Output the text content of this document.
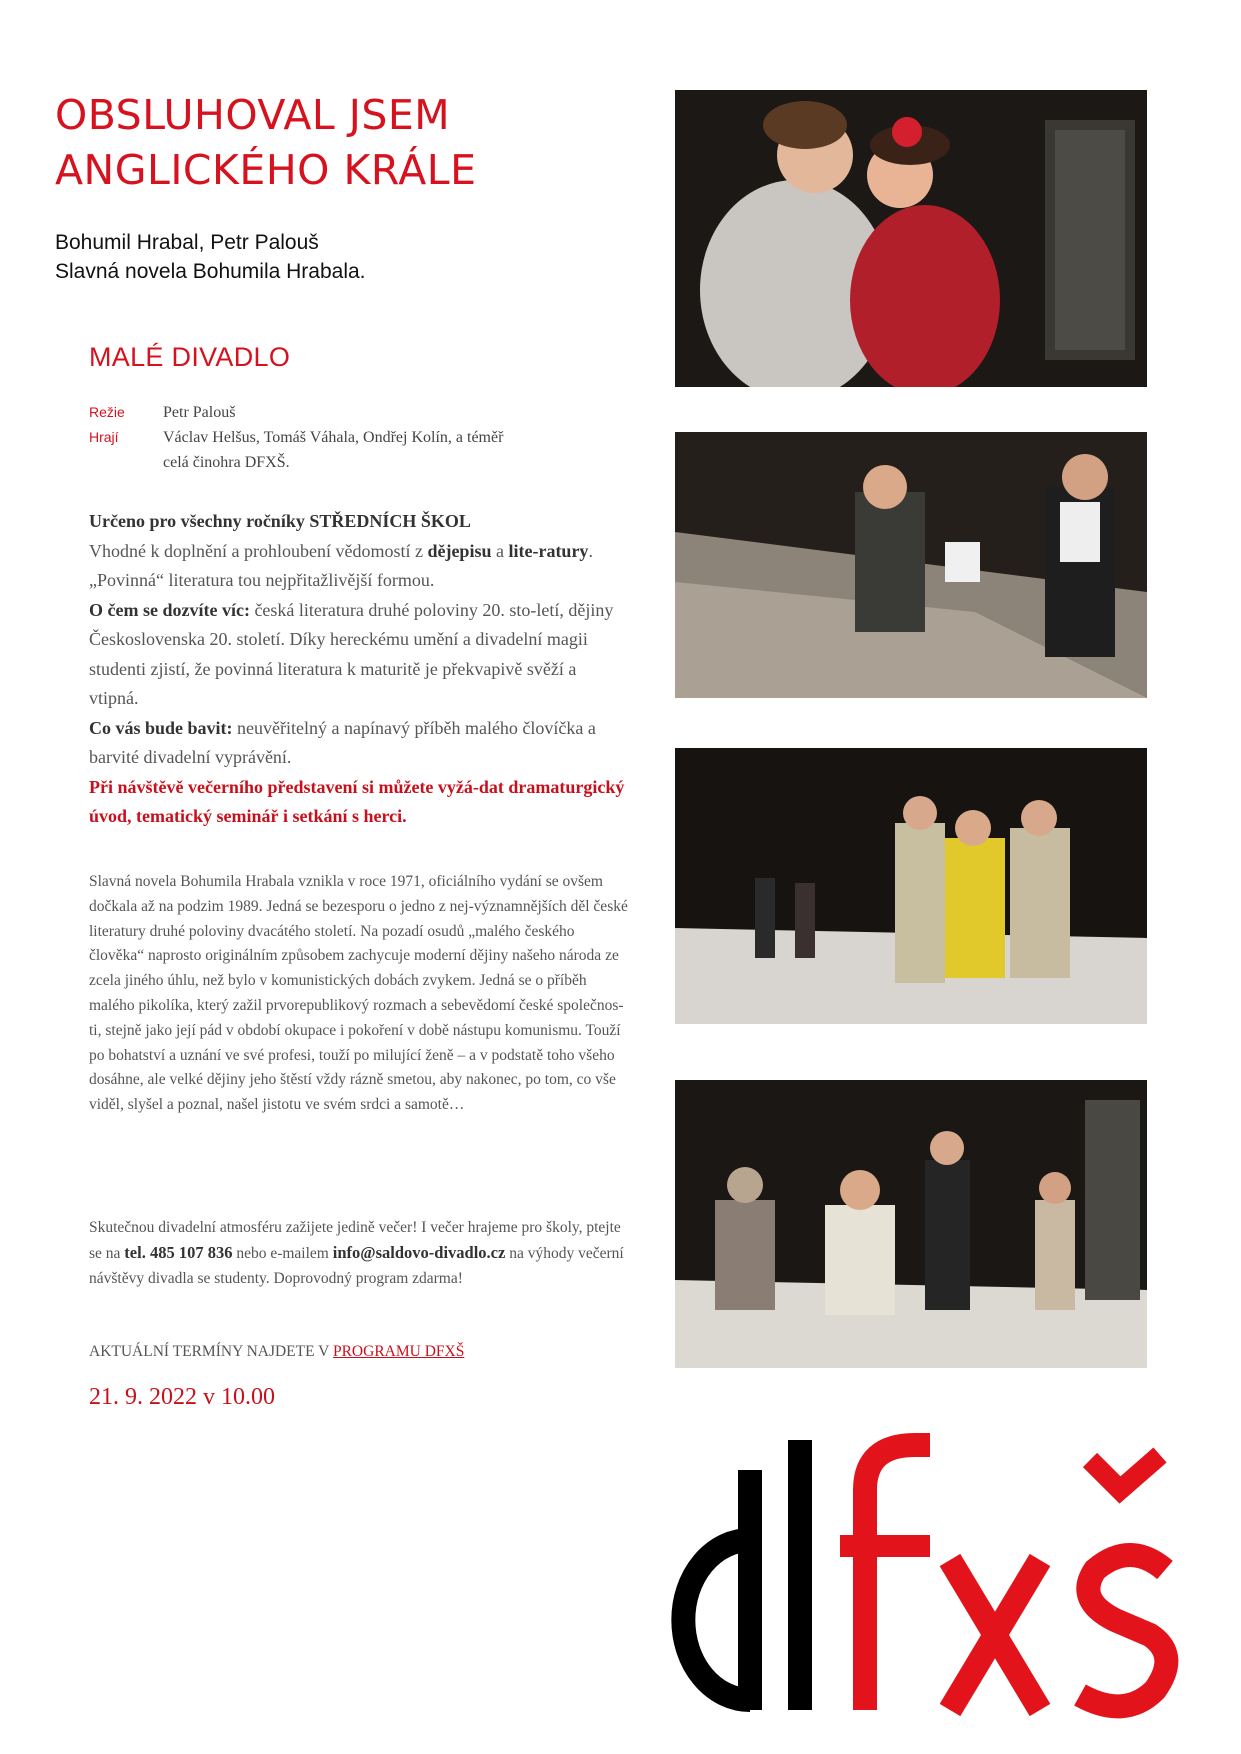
OBSLUHOVAL JSEM
ANGLICKÉHO KRÁLE
Bohumil Hrabal, Petr Palouš
Slavná novela Bohumila Hrabala.
MALÉ DIVADLO
Režie	Petr Palouš
Hrají	Václav Helšus, Tomáš Váhala, Ondřej Kolín, a téměř celá činohra DFXŠ.
Určeno pro všechny ročníky STŘEDNÍCH ŠKOL
Vhodné k doplnění a prohloubení vědomostí z dějepisu a lite-ratury. „Povinná“ literatura tou nejpřitažlivější formou.
O čem se dozvíte víc: česká literatura druhé poloviny 20. sto-letí, dějiny Československa 20. století. Díky hereckému umění a divadelní magii studenti zjistí, že povinná literatura k maturitě je překvapivě svěží a vtipná.
Co vás bude bavit: neuvěřitelný a napínavý příběh malého človíčka a barvité divadelní vyprávění.
Při návštěvě večerního představení si můžete vyžá-dat dramaturgický úvod, tematický seminář i setkání s herci.
Slavná novela Bohumila Hrabala vznikla v roce 1971, oficiálního vydání se ovšem dočkala až na podzim 1989. Jedná se bezesporu o jedno z nej-významnějších děl české literatury druhé poloviny dvacátého století. Na pozadí osudů „malého českého člověka“ naprosto originálním způsobem zachycuje moderní dějiny našeho národa ze zcela jiného úhlu, než bylo v komunistických dobách zvykem. Jedná se o příběh malého pikolíka, který zažil prvorepublikový rozmach a sebevědomí české společnos-ti, stejně jako její pád v období okupace i pokoření v době nástupu komunismu. Touží po bohatství a uznání ve své profesi, touží po milující ženě – a v podstatě toho všeho dosáhne, ale velké dějiny jeho štěstí vždy rázně smetou, aby nakonec, po tom, co vše viděl, slyšel a poznal, našel jistotu ve svém srdci a samotě…
Skutečnou divadelní atmosféru zažijete jedině večer! I večer hrajeme pro školy, ptejte se na tel. 485 107 836 nebo e-mailem info@saldovo-divadlo.cz na výhody večerní návštěvy divadla se studenty. Doprovodný program zdarma!
AKTUÁLNÍ TERMÍNY NAJDETE V PROGRAMU DFXŠ
21. 9. 2022 v 10.00
